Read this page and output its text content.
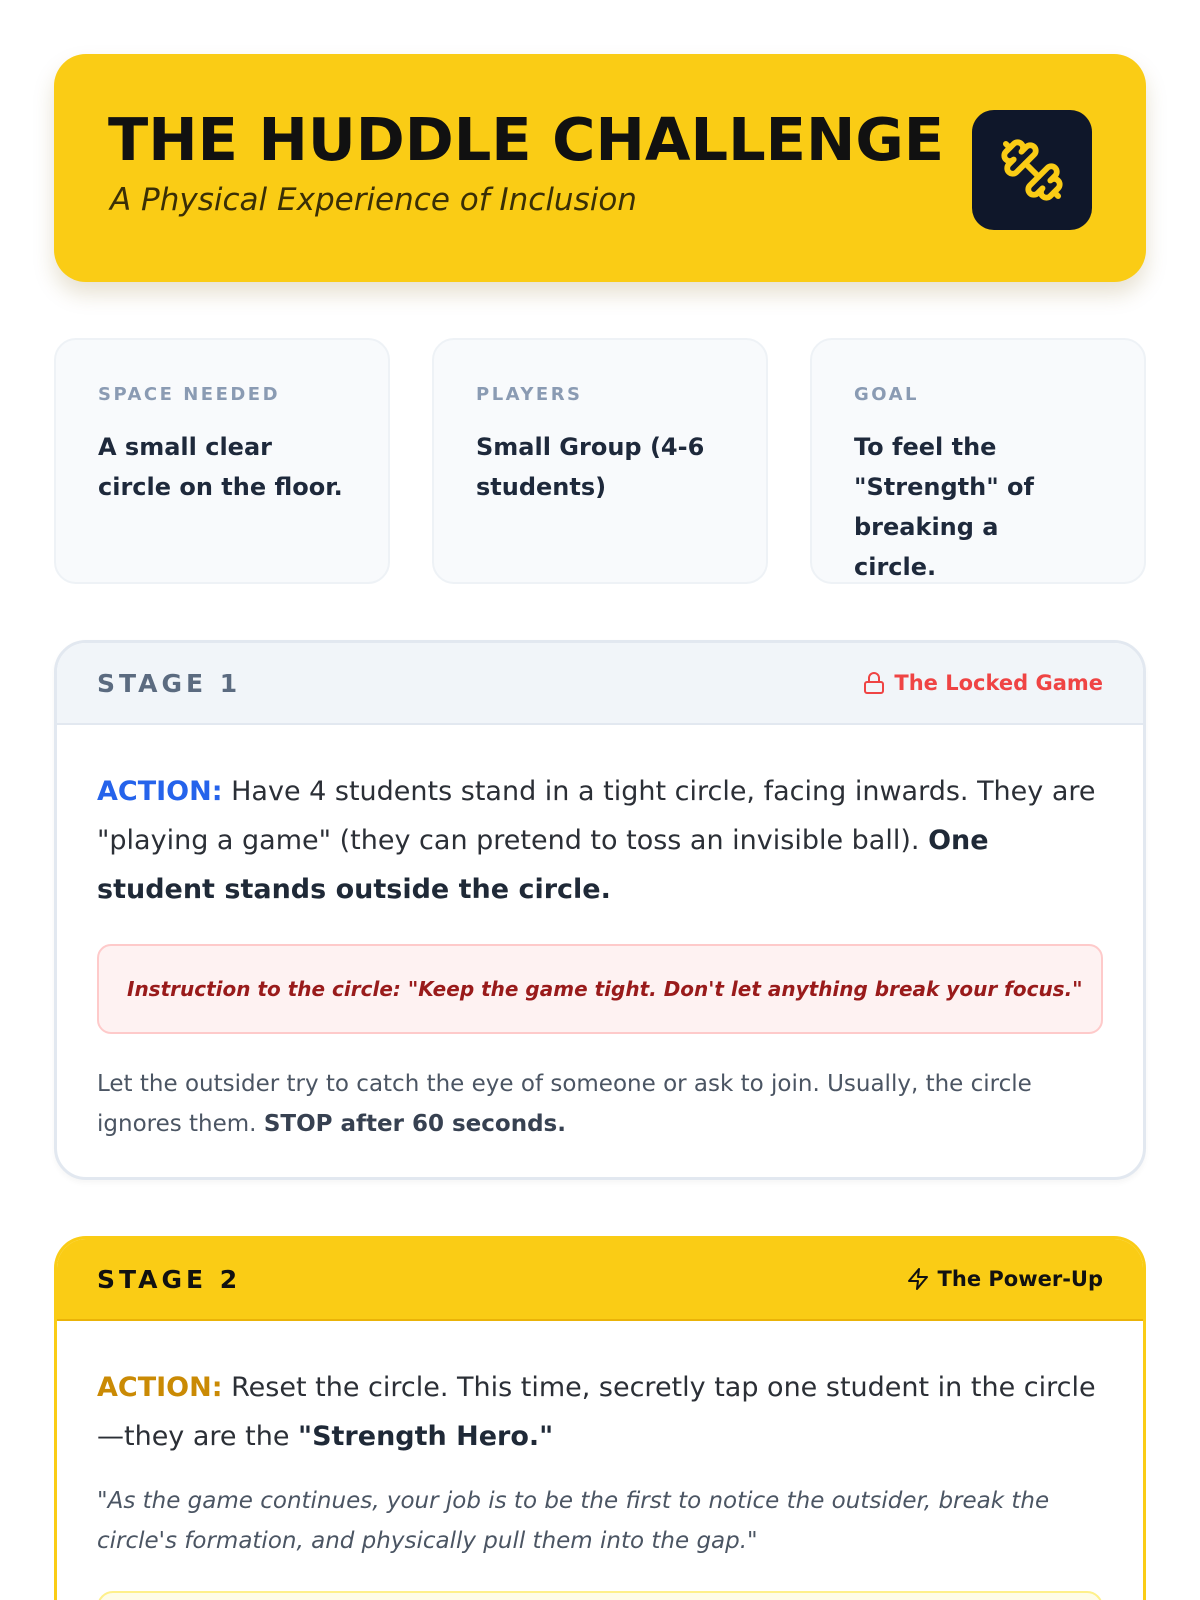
THE HUDDLE CHALLENGE
A Physical Experience of Inclusion
SPACE NEEDED
A small clear circle on the floor.
PLAYERS
Small Group (4-6 students)
GOAL
To feel the "Strength" of breaking a circle.
STAGE 1	The Locked Game

ACTION: Have 4 students stand in a tight circle, facing inwards. They are "playing a game" (they can pretend to toss an invisible ball). One student stands outside the circle.

Instruction to the circle: "Keep the game tight. Don't let anything break your focus."

Let the outsider try to catch the eye of someone or ask to join. Usually, the circle ignores them. STOP after 60 seconds.

STAGE 2	The Power-Up

ACTION: Reset the circle. This time, secretly tap one student in the circle —they are the "Strength Hero."

"As the game continues, your job is to be the first to notice the outsider, break the circle's formation, and physically pull them into the gap."
